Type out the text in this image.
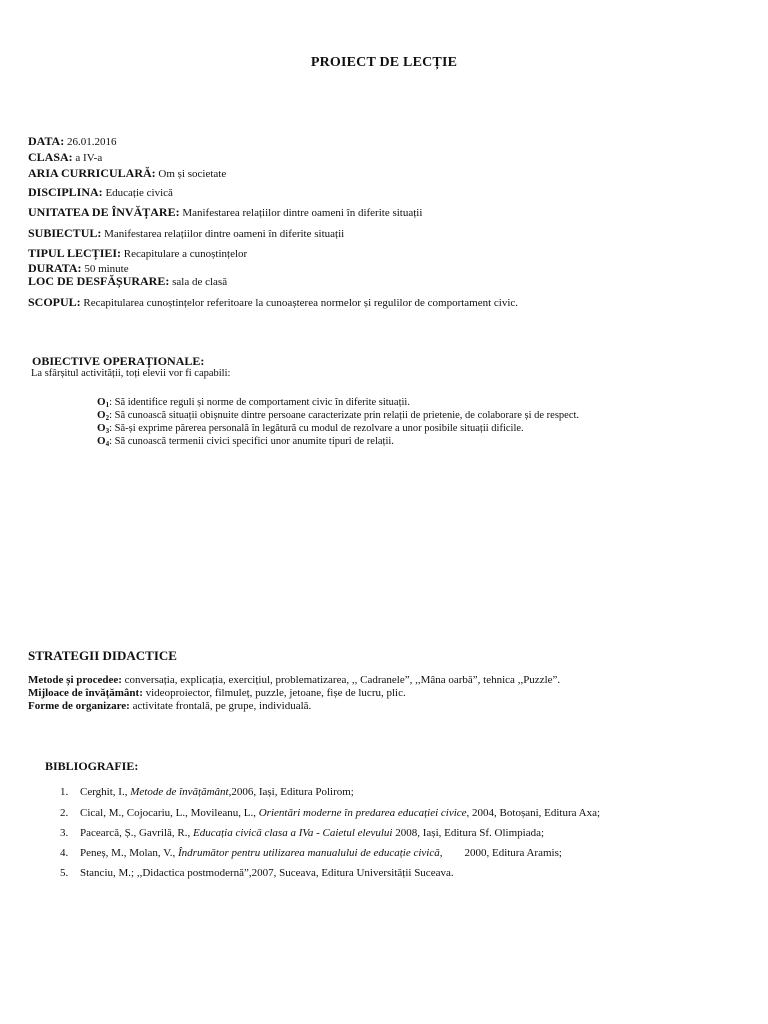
PROIECT DE LECȚIE
DATA: 26.01.2016
CLASA: a IV-a
ARIA CURRICULARĂ: Om și societate
DISCIPLINA: Educație civică
UNITATEA DE ÎNVĂȚARE: Manifestarea relațiilor dintre oameni în diferite situații
SUBIECTUL: Manifestarea relațiilor dintre oameni în diferite situații
TIPUL LECȚIEI: Recapitulare a cunoștințelor
DURATA: 50 minute
LOC DE DESFĂȘURARE: sala de clasă
SCOPUL: Recapitularea cunoștințelor referitoare la cunoașterea normelor și regulilor de comportament civic.
OBIECTIVE OPERAȚIONALE:
La sfârșitul activității, toți elevii vor fi capabili:
$O_1$: Să identifice reguli și norme de comportament civic în diferite situații.
$O_2$: Să cunoască situații obișnuite dintre persoane caracterizate prin relații de prietenie, de colaborare și de respect.
$O_3$: Să-și exprime părerea personală în legătură cu modul de rezolvare a unor posibile situații dificile.
$O_4$: Să cunoască termenii civici specifici unor anumite tipuri de relații.
STRATEGII DIDACTICE
Metode și procedee: conversația, explicația, exercițiul, problematizarea, ,, Cadranele”, ,,Mâna oarbă”, tehnica ,,Puzzle”.
Mijloace de învățământ: videoproiector, filmuleț, puzzle, jetoane, fișe de lucru, plic.
Forme de organizare: activitate frontală, pe grupe, individuală.
BIBLIOGRAFIE:
1. Cerghit, I., Metode de învățământ,2006, Iași, Editura Polirom;
2. Cical, M., Cojocariu, L., Movileanu, L., Orientări moderne în predarea educației civice, 2004, Botoșani, Editura Axa;
3. Pacearcă, Ș., Gavrilă, R., Educația civică clasa a IVa - Caietul elevului 2008, Iași, Editura Sf. Olimpiada;
4. Peneș, M., Molan, V., Îndrumător pentru utilizarea manualului de educație civică,        2000, Editura Aramis;
5. Stanciu, M.; ,,Didactica postmodernă”,2007, Suceava, Editura Universității Suceava.
